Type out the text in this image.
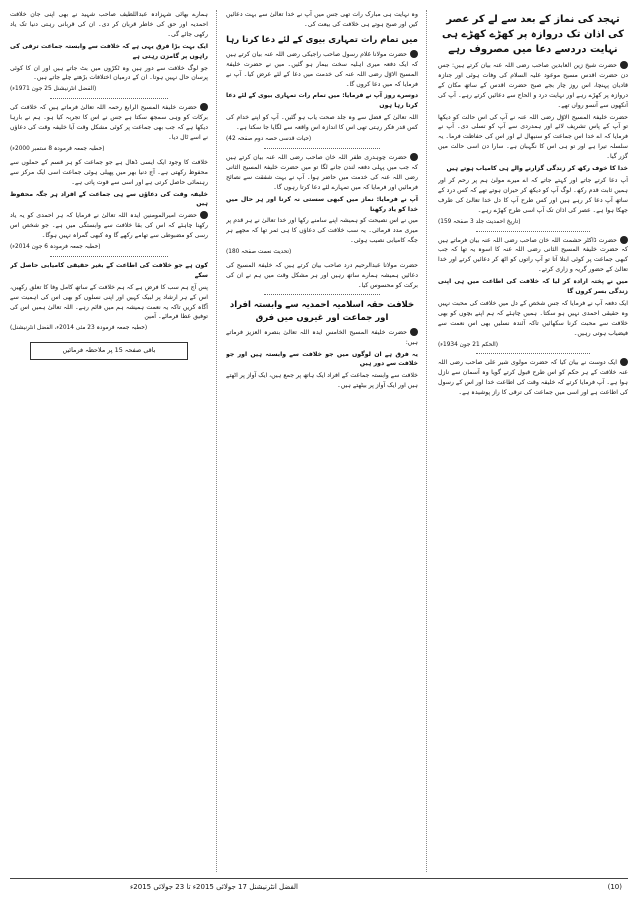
تہجد کی نماز کے بعد سے لے کر عصر کی اذان تک دروازہ پر کھڑے کھڑے ہی نہایت دردسے دعا میں مصروف رہے

حضرت شیخ زین العابدین صاحب رضی اللہ عنہ بیان کرتے ہیں: جس دن حضرت اقدس مسیح موعود علیہ السلام کی وفات ہوئی اور جنازہ قادیان پہنچا، اس روز چار بجے صبح حضرت اقدس کے ساتھ مکان کے دروازہ پر کھڑے رہے اور نہایت درد و الحاح سے دعائیں کرتے رہے۔ آپ کی آنکھوں سے آنسو رواں تھے۔

حضرت خلیفۃ المسیح الاوّل رضی اللہ عنہ نے آپ کی اس حالت کو دیکھا تو آپ کے پاس تشریف لائے اور ہمدردی سے آپ کو تسلی دی۔ آپ نے فرمایا کہ اے خدا اس جماعت کو سنبھال لے اور اس کی حفاظت فرما۔ یہ سلسلہ تیرا ہے اور تو ہی اس کا نگہبان ہے۔ سارا دن اسی حالت میں گزر گیا۔

خدا کا خوف رکھ کر زندگی گزارنے والے ہی کامیاب ہوتے ہیں

آپ دعا کرتے جاتے اور کہتے جاتے کہ اے میرے مولیٰ ہم پر رحم کر اور ہمیں ثابت قدم رکھ۔ لوگ آپ کو دیکھ کر حیران ہوتے تھے کہ کس درد کے ساتھ آپ دعا کر رہے ہیں اور کس طرح آپ کا دل خدا تعالیٰ کی طرف جھکا ہوا ہے۔ عصر کی اذان تک آپ اسی طرح کھڑے رہے۔

(تاریخ احمدیت جلد 3 صفحہ 159)

حضرت ڈاکٹر حشمت اللہ خان صاحب رضی اللہ عنہ بیان فرماتے ہیں کہ حضرت خلیفۃ المسیح الثانی رضی اللہ عنہ کا اسوہ یہ تھا کہ جب کبھی جماعت پر کوئی ابتلا آتا تو آپ راتوں کو اٹھ کر دعائیں کرتے اور خدا تعالیٰ کے حضور گریہ و زاری کرتے۔

میں نے پختہ ارادہ کر لیا کہ خلافت کی اطاعت میں ہی اپنی زندگی بسر کروں گا

ایک دفعہ آپ نے فرمایا کہ جس شخص کے دل میں خلافت کی محبت نہیں وہ حقیقی احمدی نہیں ہو سکتا۔ ہمیں چاہئے کہ ہم اپنے بچوں کو بھی خلافت سے محبت کرنا سکھائیں تاکہ آئندہ نسلیں بھی اس نعمت سے فیضیاب ہوتی رہیں۔

(الحکم 21 جون 1934ء)

ایک دوست نے بیان کیا کہ حضرت مولوی شیر علی صاحب رضی اللہ عنہ خلافت کے ہر حکم کو اس طرح قبول کرتے گویا وہ آسمان سے نازل ہوا ہے۔ آپ فرمایا کرتے کہ خلیفہ وقت کی اطاعت خدا اور اس کے رسول کی اطاعت ہے اور اسی میں جماعت کی ترقی کا راز پوشیدہ ہے۔

وہ نہایت ہی مبارک رات تھی جس میں آپ نے خدا تعالیٰ سے بہت دعائیں کیں اور صبح ہوتے ہی خلافت کی بیعت کی۔

میں تمام رات تمہاری بیوی کے لئے دعا کرتا رہا

حضرت مولانا غلام رسول صاحب راجیکی رضی اللہ عنہ بیان کرتے ہیں کہ ایک دفعہ میری اہلیہ سخت بیمار ہو گئیں۔ میں نے حضرت خلیفۃ المسیح الاوّل رضی اللہ عنہ کی خدمت میں دعا کے لئے عرض کیا۔ آپ نے فرمایا کہ میں دعا کروں گا۔

دوسرے روز آپ نے فرمایا: میں تمام رات تمہاری بیوی کے لئے دعا کرتا رہا ہوں

اللہ تعالیٰ کے فضل سے وہ جلد صحت یاب ہو گئیں۔ آپ کو اپنے خدام کی کس قدر فکر رہتی تھی اس کا اندازہ اس واقعہ سے لگایا جا سکتا ہے۔

(حیات قدسی حصہ دوم صفحہ 42)

حضرت چوہدری ظفر اللہ خان صاحب رضی اللہ عنہ بیان کرتے ہیں کہ جب میں پہلی دفعہ لندن جانے لگا تو میں حضرت خلیفۃ المسیح الثانی رضی اللہ عنہ کی خدمت میں حاضر ہوا۔ آپ نے بہت شفقت سے نصائح فرمائیں اور فرمایا کہ میں تمہارے لئے دعا کرتا رہوں گا۔

آپ نے فرمایا: نماز میں کبھی سستی نہ کرنا اور ہر حال میں خدا کو یاد رکھنا

میں نے اس نصیحت کو ہمیشہ اپنے سامنے رکھا اور خدا تعالیٰ نے ہر قدم پر میری مدد فرمائی۔ یہ سب خلافت کی دعاؤں کا ہی ثمر تھا کہ مجھے ہر جگہ کامیابی نصیب ہوئی۔

(تحدیث نعمت صفحہ 180)

حضرت مولانا عبدالرحیم درد صاحب بیان کرتے ہیں کہ خلیفۃ المسیح کی دعائیں ہمیشہ ہمارے ساتھ رہیں اور ہر مشکل وقت میں ہم نے ان کی برکت کو محسوس کیا۔

خلافت حقہ اسلامیہ احمدیہ سے وابستہ افراد اور جماعت اور غیروں میں فرق

حضرت خلیفۃ المسیح الخامس ایدہ اللہ تعالیٰ بنصرہ العزیز فرماتے ہیں:

یہ فرق ہے ان لوگوں میں جو خلافت سے وابستہ ہیں اور جو خلافت سے دور ہیں

خلافت سے وابستہ جماعت کے افراد ایک ہاتھ پر جمع ہیں، ایک آواز پر اٹھتے ہیں اور ایک آواز پر بیٹھتے ہیں۔

ہمارے بھائی شہزادہ عبداللطیف صاحب شہید نے بھی اپنی جان خلافت احمدیہ اور حق کی خاطر قربان کر دی۔ ان کی قربانی رہتی دنیا تک یاد رکھی جائے گی۔

ایک بہت بڑا فرق یہی ہے کہ خلافت سے وابستہ جماعت ترقی کی راہوں پر گامزن رہتی ہے

جو لوگ خلافت سے دور ہیں وہ ٹکڑوں میں بٹ جاتے ہیں اور ان کا کوئی پرسان حال نہیں ہوتا۔ ان کے درمیان اختلافات بڑھتے چلے جاتے ہیں۔

(الفضل انٹرنیشنل 25 جون 1971ء)

حضرت خلیفۃ المسیح الرابع رحمہ اللہ تعالیٰ فرماتے ہیں کہ خلافت کی برکات کو وہی سمجھ سکتا ہے جس نے اس کا تجربہ کیا ہو۔ ہم نے بارہا دیکھا ہے کہ جب بھی جماعت پر کوئی مشکل وقت آیا خلیفہ وقت کی دعاؤں نے اسے ٹال دیا۔

(خطبہ جمعہ فرمودہ 8 ستمبر 2000ء)

خلافت کا وجود ایک ایسی ڈھال ہے جو جماعت کو ہر قسم کے حملوں سے محفوظ رکھتی ہے۔ آج دنیا بھر میں پھیلی ہوئی جماعت اسی ایک مرکز سے رہنمائی حاصل کرتی ہے اور اسی سے قوت پاتی ہے۔

خلیفہ وقت کی دعاؤں سے ہی جماعت کے افراد ہر جگہ محفوظ ہیں

حضرت امیرالمومنین ایدہ اللہ تعالیٰ نے فرمایا کہ ہر احمدی کو یہ یاد رکھنا چاہئے کہ اس کی بقا خلافت سے وابستگی میں ہے۔ جو شخص اس رسی کو مضبوطی سے تھامے رکھے گا وہ کبھی گمراہ نہیں ہوگا۔

(خطبہ جمعہ فرمودہ 6 جون 2014ء)

کون ہے جو خلافت کی اطاعت کے بغیر حقیقی کامیابی حاصل کر سکے

پس آج ہم سب کا فرض ہے کہ ہم خلافت کے ساتھ کامل وفا کا تعلق رکھیں، اس کے ہر ارشاد پر لبیک کہیں اور اپنی نسلوں کو بھی اس کی اہمیت سے آگاہ کریں تاکہ یہ نعمت ہمیشہ ہم میں قائم رہے۔ اللہ تعالیٰ ہمیں اس کی توفیق عطا فرمائے۔ آمین

(خطبہ جمعہ فرمودہ 23 مئی 2014ء، الفضل انٹرنیشنل)
باقی صفحہ 15 پر ملاحظہ فرمائیں
(10)
الفضل انٹرنیشنل 17 جولائی 2015ء تا 23 جولائی 2015ء
